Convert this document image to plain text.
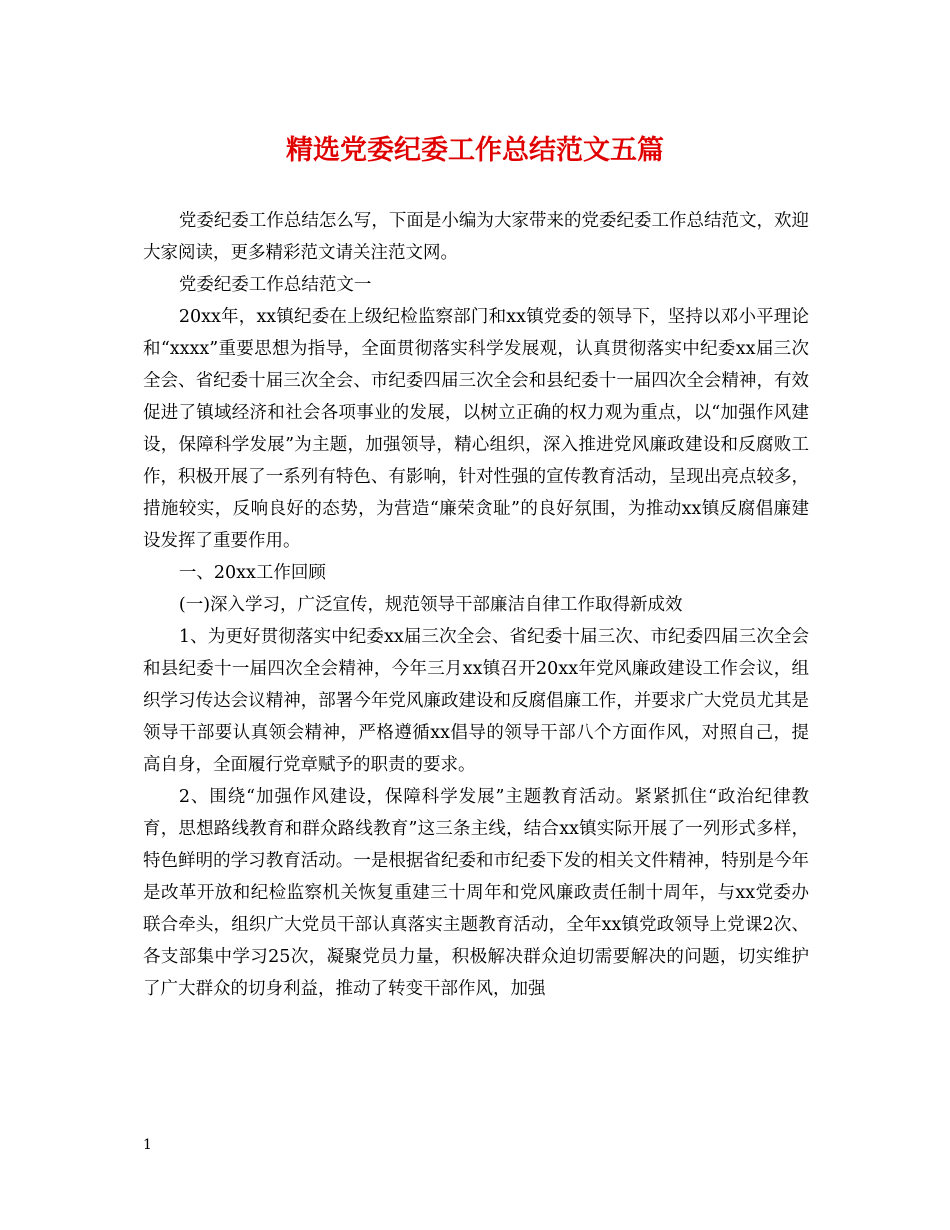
精选党委纪委工作总结范文五篇

党委纪委工作总结怎么写，下面是小编为大家带来的党委纪委工作总结范文，欢迎大家阅读，更多精彩范文请关注范文网。

党委纪委工作总结范文一

20xx年，xx镇纪委在上级纪检监察部门和xx镇党委的领导下，坚持以邓小平理论和“xxxx”重要思想为指导，全面贯彻落实科学发展观，认真贯彻落实中纪委xx届三次全会、省纪委十届三次全会、市纪委四届三次全会和县纪委十一届四次全会精神，有效促进了镇域经济和社会各项事业的发展，以树立正确的权力观为重点，以“加强作风建设，保障科学发展”为主题，加强领导，精心组织，深入推进党风廉政建设和反腐败工作，积极开展了一系列有特色、有影响，针对性强的宣传教育活动，呈现出亮点较多，措施较实，反响良好的态势，为营造“廉荣贪耻”的良好氛围，为推动xx镇反腐倡廉建设发挥了重要作用。

一、20xx工作回顾

(一)深入学习，广泛宣传，规范领导干部廉洁自律工作取得新成效

1、为更好贯彻落实中纪委xx届三次全会、省纪委十届三次、市纪委四届三次全会和县纪委十一届四次全会精神，今年三月xx镇召开20xx年党风廉政建设工作会议，组织学习传达会议精神，部署今年党风廉政建设和反腐倡廉工作，并要求广大党员尤其是领导干部要认真领会精神，严格遵循xx倡导的领导干部八个方面作风，对照自己，提高自身，全面履行党章赋予的职责的要求。

2、围绕“加强作风建设，保障科学发展”主题教育活动。紧紧抓住“政治纪律教育，思想路线教育和群众路线教育”这三条主线，结合xx镇实际开展了一列形式多样，特色鲜明的学习教育活动。一是根据省纪委和市纪委下发的相关文件精神，特别是今年是改革开放和纪检监察机关恢复重建三十周年和党风廉政责任制十周年，与xx党委办联合牵头，组织广大党员干部认真落实主题教育活动，全年xx镇党政领导上党课2次、各支部集中学习25次，凝聚党员力量，积极解决群众迫切需要解决的问题，切实维护了广大群众的切身利益，推动了转变干部作风，加强

1
